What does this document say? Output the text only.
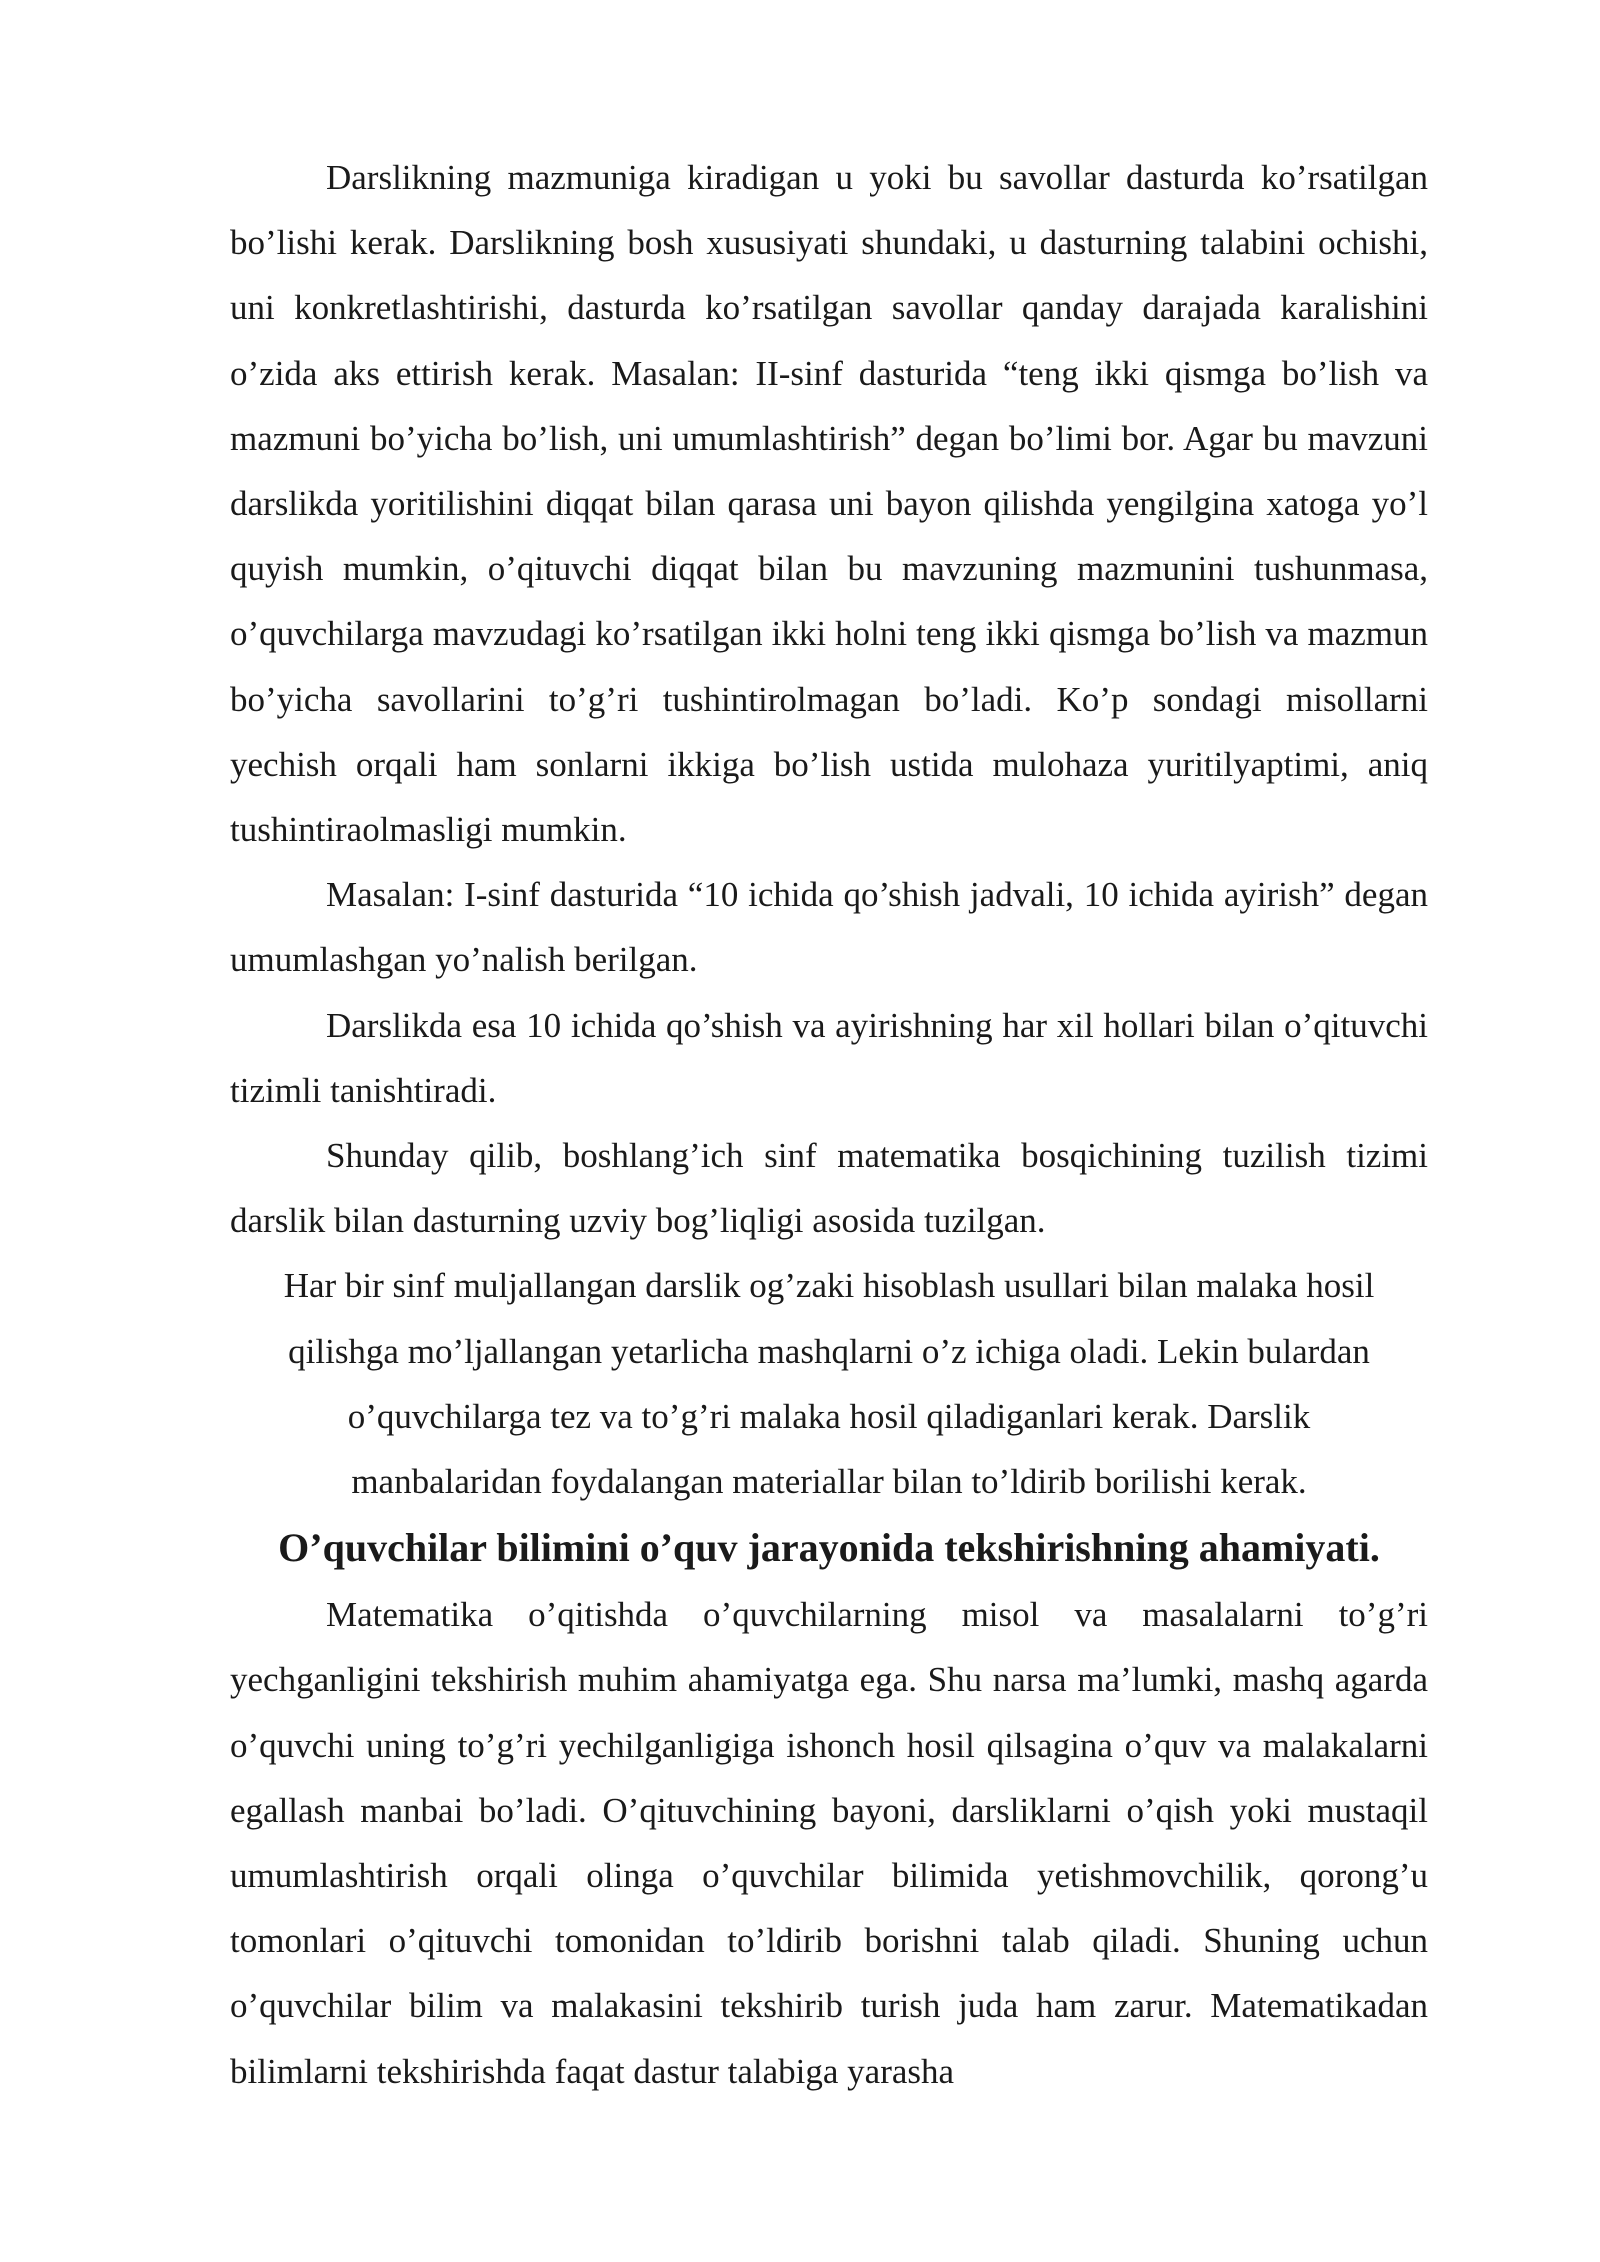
Darslikning mazmuniga kiradigan u yoki bu savollar dasturda ko’rsatilgan bo’lishi kerak. Darslikning bosh xususiyati shundaki, u dasturning talabini ochishi, uni konkretlashtirishi, dasturda ko’rsatilgan savollar qanday darajada karalishini o’zida aks ettirish kerak. Masalan: II-sinf dasturida “teng ikki qismga bo’lish va mazmuni bo’yicha bo’lish, uni umumlashtirish” degan bo’limi bor. Agar bu mavzuni darslikda yoritilishini diqqat bilan qarasa uni bayon qilishda yengilgina xatoga yo’l quyish mumkin, o’qituvchi diqqat bilan bu mavzuning mazmunini tushunmasa, o’quvchilarga mavzudagi ko’rsatilgan ikki holni teng ikki qismga bo’lish va mazmun bo’yicha savollarini to’g’ri tushintirolmagan bo’ladi. Ko’p sondagi misollarni yechish orqali ham sonlarni ikkiga bo’lish ustida mulohaza yuritilyaptimi, aniq tushintiraolmasligi mumkin.

Masalan: I-sinf dasturida “10 ichida qo’shish jadvali, 10 ichida ayirish” degan umumlashgan yo’nalish berilgan.

Darslikda esa 10 ichida qo’shish va ayirishning har xil hollari bilan o’qituvchi tizimli tanishtiradi.

Shunday qilib, boshlang’ich sinf matematika bosqichining tuzilish tizimi darslik bilan dasturning uzviy bog’liqligi asosida tuzilgan.

Har bir sinf muljallangan darslik og’zaki hisoblash usullari bilan malaka hosil
qilishga mo’ljallangan yetarlicha mashqlarni o’z ichiga oladi. Lekin bulardan
o’quvchilarga tez va to’g’ri malaka hosil qiladiganlari kerak. Darslik
manbalaridan foydalangan materiallar bilan to’ldirib borilishi kerak.

O’quvchilar bilimini o’quv jarayonida tekshirishning ahamiyati.

Matematika o’qitishda o’quvchilarning misol va masalalarni to’g’ri yechganligini tekshirish muhim ahamiyatga ega. Shu narsa ma’lumki, mashq agarda o’quvchi uning to’g’ri yechilganligiga ishonch hosil qilsagina o’quv va malakalarni egallash manbai bo’ladi. O’qituvchining bayoni, darsliklarni o’qish yoki mustaqil umumlashtirish orqali olinga o’quvchilar bilimida yetishmovchilik, qorong’u tomonlari o’qituvchi tomonidan to’ldirib borishni talab qiladi. Shuning uchun o’quvchilar bilim va malakasini tekshirib turish juda ham zarur. Matematikadan bilimlarni tekshirishda faqat dastur talabiga yarasha
